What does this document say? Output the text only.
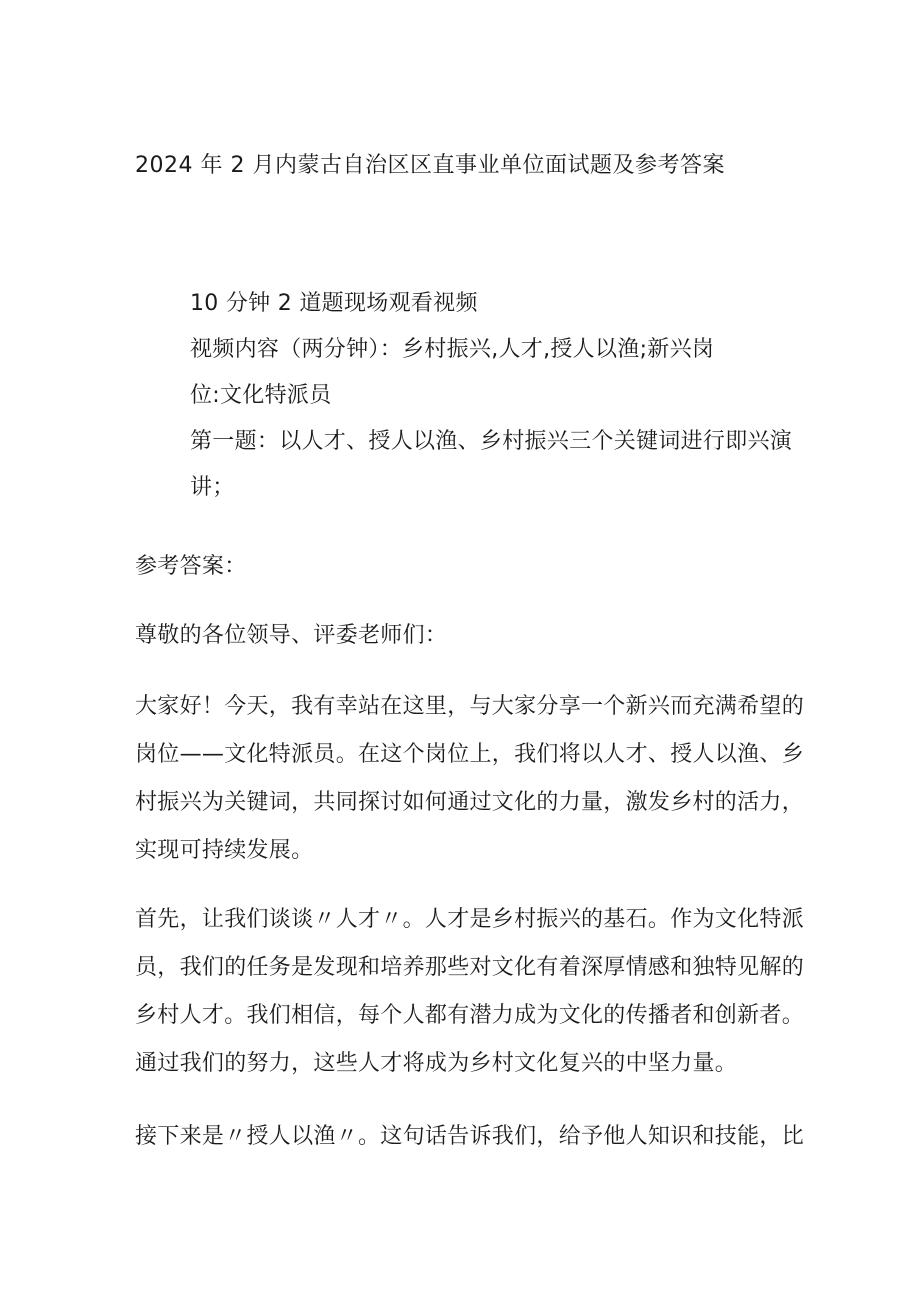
2024 年 2 月内蒙古自治区区直事业单位面试题及参考答案
10 分钟 2 道题现场观看视频
视频内容（两分钟）：乡村振兴,人才,授人以渔;新兴岗
位:文化特派员
第一题：以人才、授人以渔、乡村振兴三个关键词进行即兴演
讲；
参考答案：
尊敬的各位领导、评委老师们：
大家好！今天，我有幸站在这里，与大家分享一个新兴而充满希望的
岗位——文化特派员。在这个岗位上，我们将以人才、授人以渔、乡
村振兴为关键词，共同探讨如何通过文化的力量，激发乡村的活力，
实现可持续发展。
首先，让我们谈谈〃人才〃。人才是乡村振兴的基石。作为文化特派
员，我们的任务是发现和培养那些对文化有着深厚情感和独特见解的
乡村人才。我们相信，每个人都有潜力成为文化的传播者和创新者。
通过我们的努力，这些人才将成为乡村文化复兴的中坚力量。
接下来是〃授人以渔〃。这句话告诉我们，给予他人知识和技能，比
